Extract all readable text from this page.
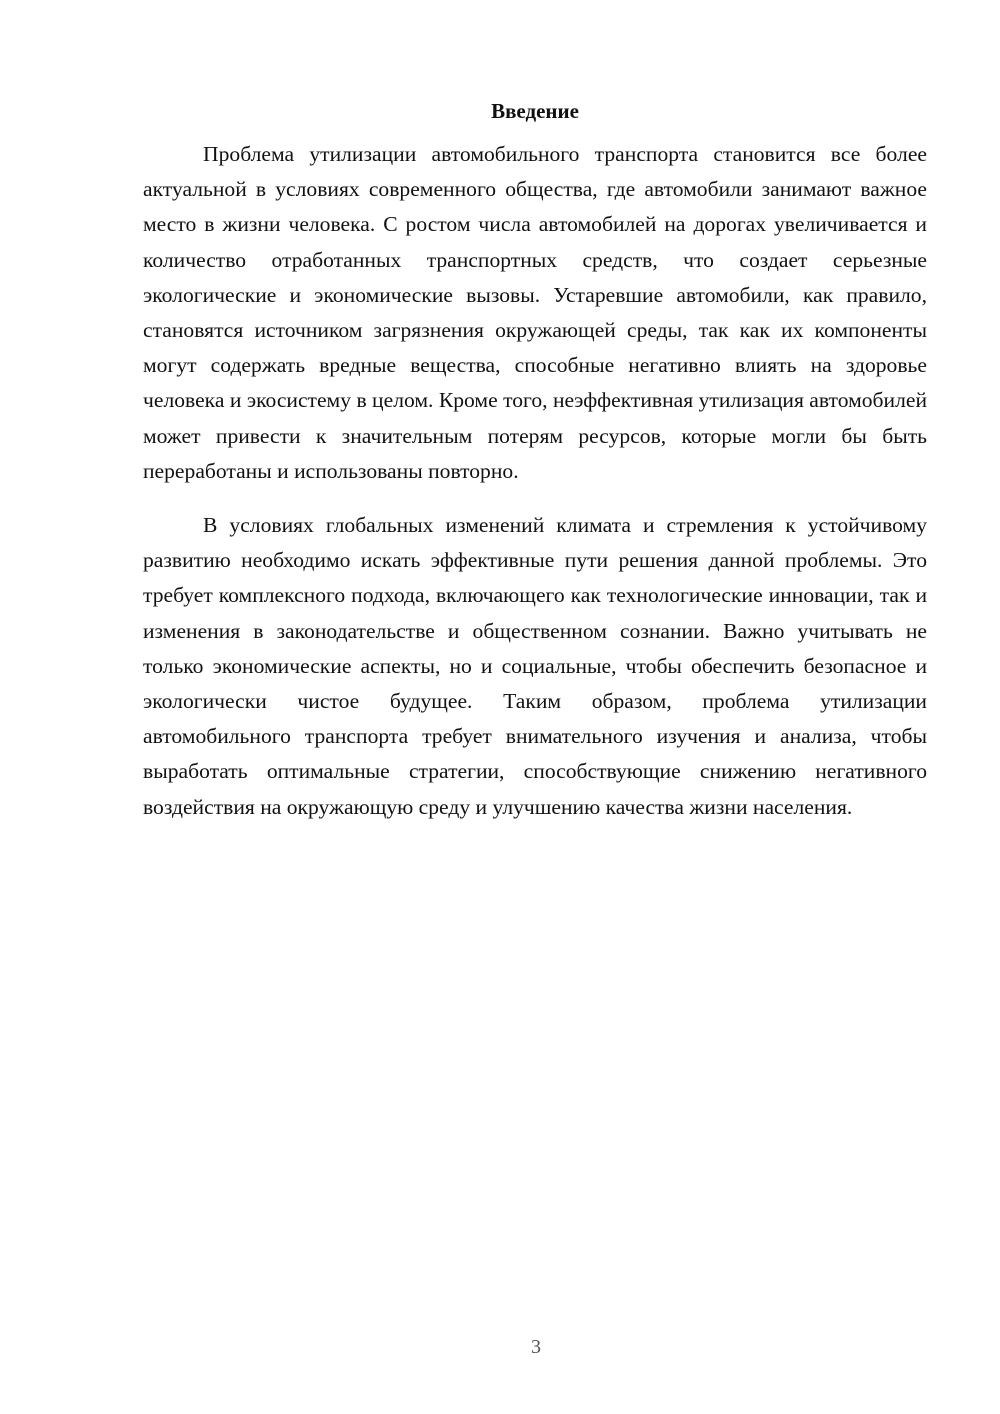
Введение

Проблема утилизации автомобильного транспорта становится все более актуальной в условиях современного общества, где автомобили занимают важное место в жизни человека. С ростом числа автомобилей на дорогах увеличивается и количество отработанных транспортных средств, что создает серьезные экологические и экономические вызовы. Устаревшие автомобили, как правило, становятся источником загрязнения окружающей среды, так как их компоненты могут содержать вредные вещества, способные негативно влиять на здоровье человека и экосистему в целом. Кроме того, неэффективная утилизация автомобилей может привести к значительным потерям ресурсов, которые могли бы быть переработаны и использованы повторно.

В условиях глобальных изменений климата и стремления к устойчивому развитию необходимо искать эффективные пути решения данной проблемы. Это требует комплексного подхода, включающего как технологические инновации, так и изменения в законодательстве и общественном сознании. Важно учитывать не только экономические аспекты, но и социальные, чтобы обеспечить безопасное и экологически чистое будущее. Таким образом, проблема утилизации автомобильного транспорта требует внимательного изучения и анализа, чтобы выработать оптимальные стратегии, способствующие снижению негативного воздействия на окружающую среду и улучшению качества жизни населения.

3
